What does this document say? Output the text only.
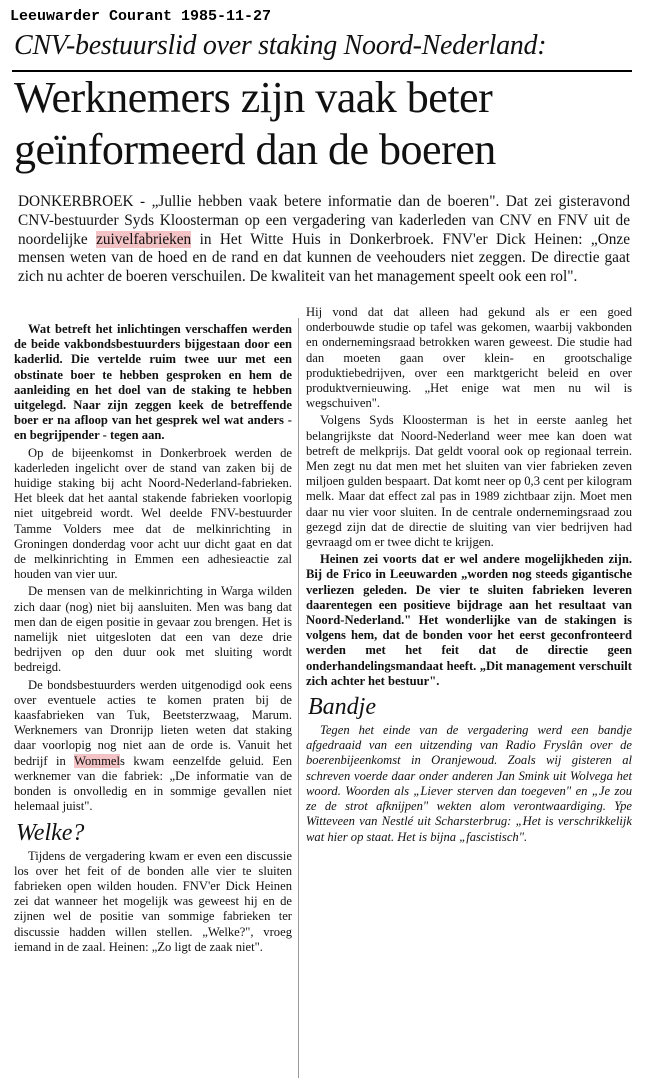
Leeuwarder Courant 1985-11-27
CNV-bestuurslid over staking Noord-Nederland:
Werknemers zijn vaak beter
geïnformeerd dan de boeren

DONKERBROEK - „Jullie hebben vaak betere informatie dan de boeren". Dat zei gisteravond CNV-bestuurder Syds Kloosterman op een vergadering van kaderleden van CNV en FNV uit de noordelijke zuivelfabrieken in Het Witte Huis in Donkerbroek. FNV'er Dick Heinen: „Onze mensen weten van de hoed en de rand en dat kunnen de veehouders niet zeggen. De directie gaat zich nu achter de boeren verschuilen. De kwaliteit van het management speelt ook een rol".

Wat betreft het inlichtingen verschaffen werden de beide vakbondsbestuurders bijgestaan door een kaderlid. Die vertelde ruim twee uur met een obstinate boer te hebben gesproken en hem de aanleiding en het doel van de staking te hebben uitgelegd. Naar zijn zeggen keek de betreffende boer er na afloop van het gesprek wel wat anders - en begrijpender - tegen aan.

Op de bijeenkomst in Donkerbroek werden de kaderleden ingelicht over de stand van zaken bij de huidige staking bij acht Noord-Nederland-fabrieken. Het bleek dat het aantal stakende fabrieken voorlopig niet uitgebreid wordt. Wel deelde FNV-bestuurder Tamme Volders mee dat de melkinrichting in Groningen donderdag voor acht uur dicht gaat en dat de melkinrichting in Emmen een adhesieactie zal houden van vier uur.

De mensen van de melkinrichting in Warga wilden zich daar (nog) niet bij aansluiten. Men was bang dat men dan de eigen positie in gevaar zou brengen. Het is namelijk niet uitgesloten dat een van deze drie bedrijven op den duur ook met sluiting wordt bedreigd.

De bondsbestuurders werden uitgenodigd ook eens over eventuele acties te komen praten bij de kaasfabrieken van Tuk, Beetsterzwaag, Marum. Werknemers van Dronrijp lieten weten dat staking daar voorlopig nog niet aan de orde is. Vanuit het bedrijf in Wommels kwam eenzelfde geluid. Een werknemer van die fabriek: „De informatie van de bonden is onvolledig en in sommige gevallen niet helemaal juist".

Welke?

Tijdens de vergadering kwam er even een discussie los over het feit of de bonden alle vier te sluiten fabrieken open wilden houden. FNV'er Dick Heinen zei dat wanneer het mogelijk was geweest hij en de zijnen wel de positie van sommige fabrieken ter discussie hadden willen stellen. „Welke?", vroeg iemand in de zaal. Heinen: „Zo ligt de zaak niet".

Hij vond dat dat alleen had gekund als er een goed onderbouwde studie op tafel was gekomen, waarbij vakbonden en ondernemingsraad betrokken waren geweest. Die studie had dan moeten gaan over klein- en grootschalige produktiebedrijven, over een marktgericht beleid en over produktvernieuwing. „Het enige wat men nu wil is wegschuiven".

Volgens Syds Kloosterman is het in eerste aanleg het belangrijkste dat Noord-Nederland weer mee kan doen wat betreft de melkprijs. Dat geldt vooral ook op regionaal terrein. Men zegt nu dat men met het sluiten van vier fabrieken zeven miljoen gulden bespaart. Dat komt neer op 0,3 cent per kilogram melk. Maar dat effect zal pas in 1989 zichtbaar zijn. Moet men daar nu vier voor sluiten. In de centrale ondernemingsraad zou gezegd zijn dat de directie de sluiting van vier bedrijven had gevraagd om er twee dicht te krijgen.

Heinen zei voorts dat er wel andere mogelijkheden zijn. Bij de Frico in Leeuwarden „worden nog steeds gigantische verliezen geleden. De vier te sluiten fabrieken leveren daarentegen een positieve bijdrage aan het resultaat van Noord-Nederland." Het wonderlijke van de stakingen is volgens hem, dat de bonden voor het eerst geconfronteerd werden met het feit dat de directie geen onderhandelingsmandaat heeft. „Dit management verschuilt zich achter het bestuur".

Bandje

Tegen het einde van de vergadering werd een bandje afgedraaid van een uitzending van Radio Fryslân over de boerenbijeenkomst in Oranjewoud. Zoals wij gisteren al schreven voerde daar onder anderen Jan Smink uit Wolvega het woord. Woorden als „Liever sterven dan toegeven" en „Je zou ze de strot afknijpen" wekten alom verontwaardiging. Ype Witteveen van Nestlé uit Scharsterbrug: „Het is verschrikkelijk wat hier op staat. Het is bijna „fascistisch".
